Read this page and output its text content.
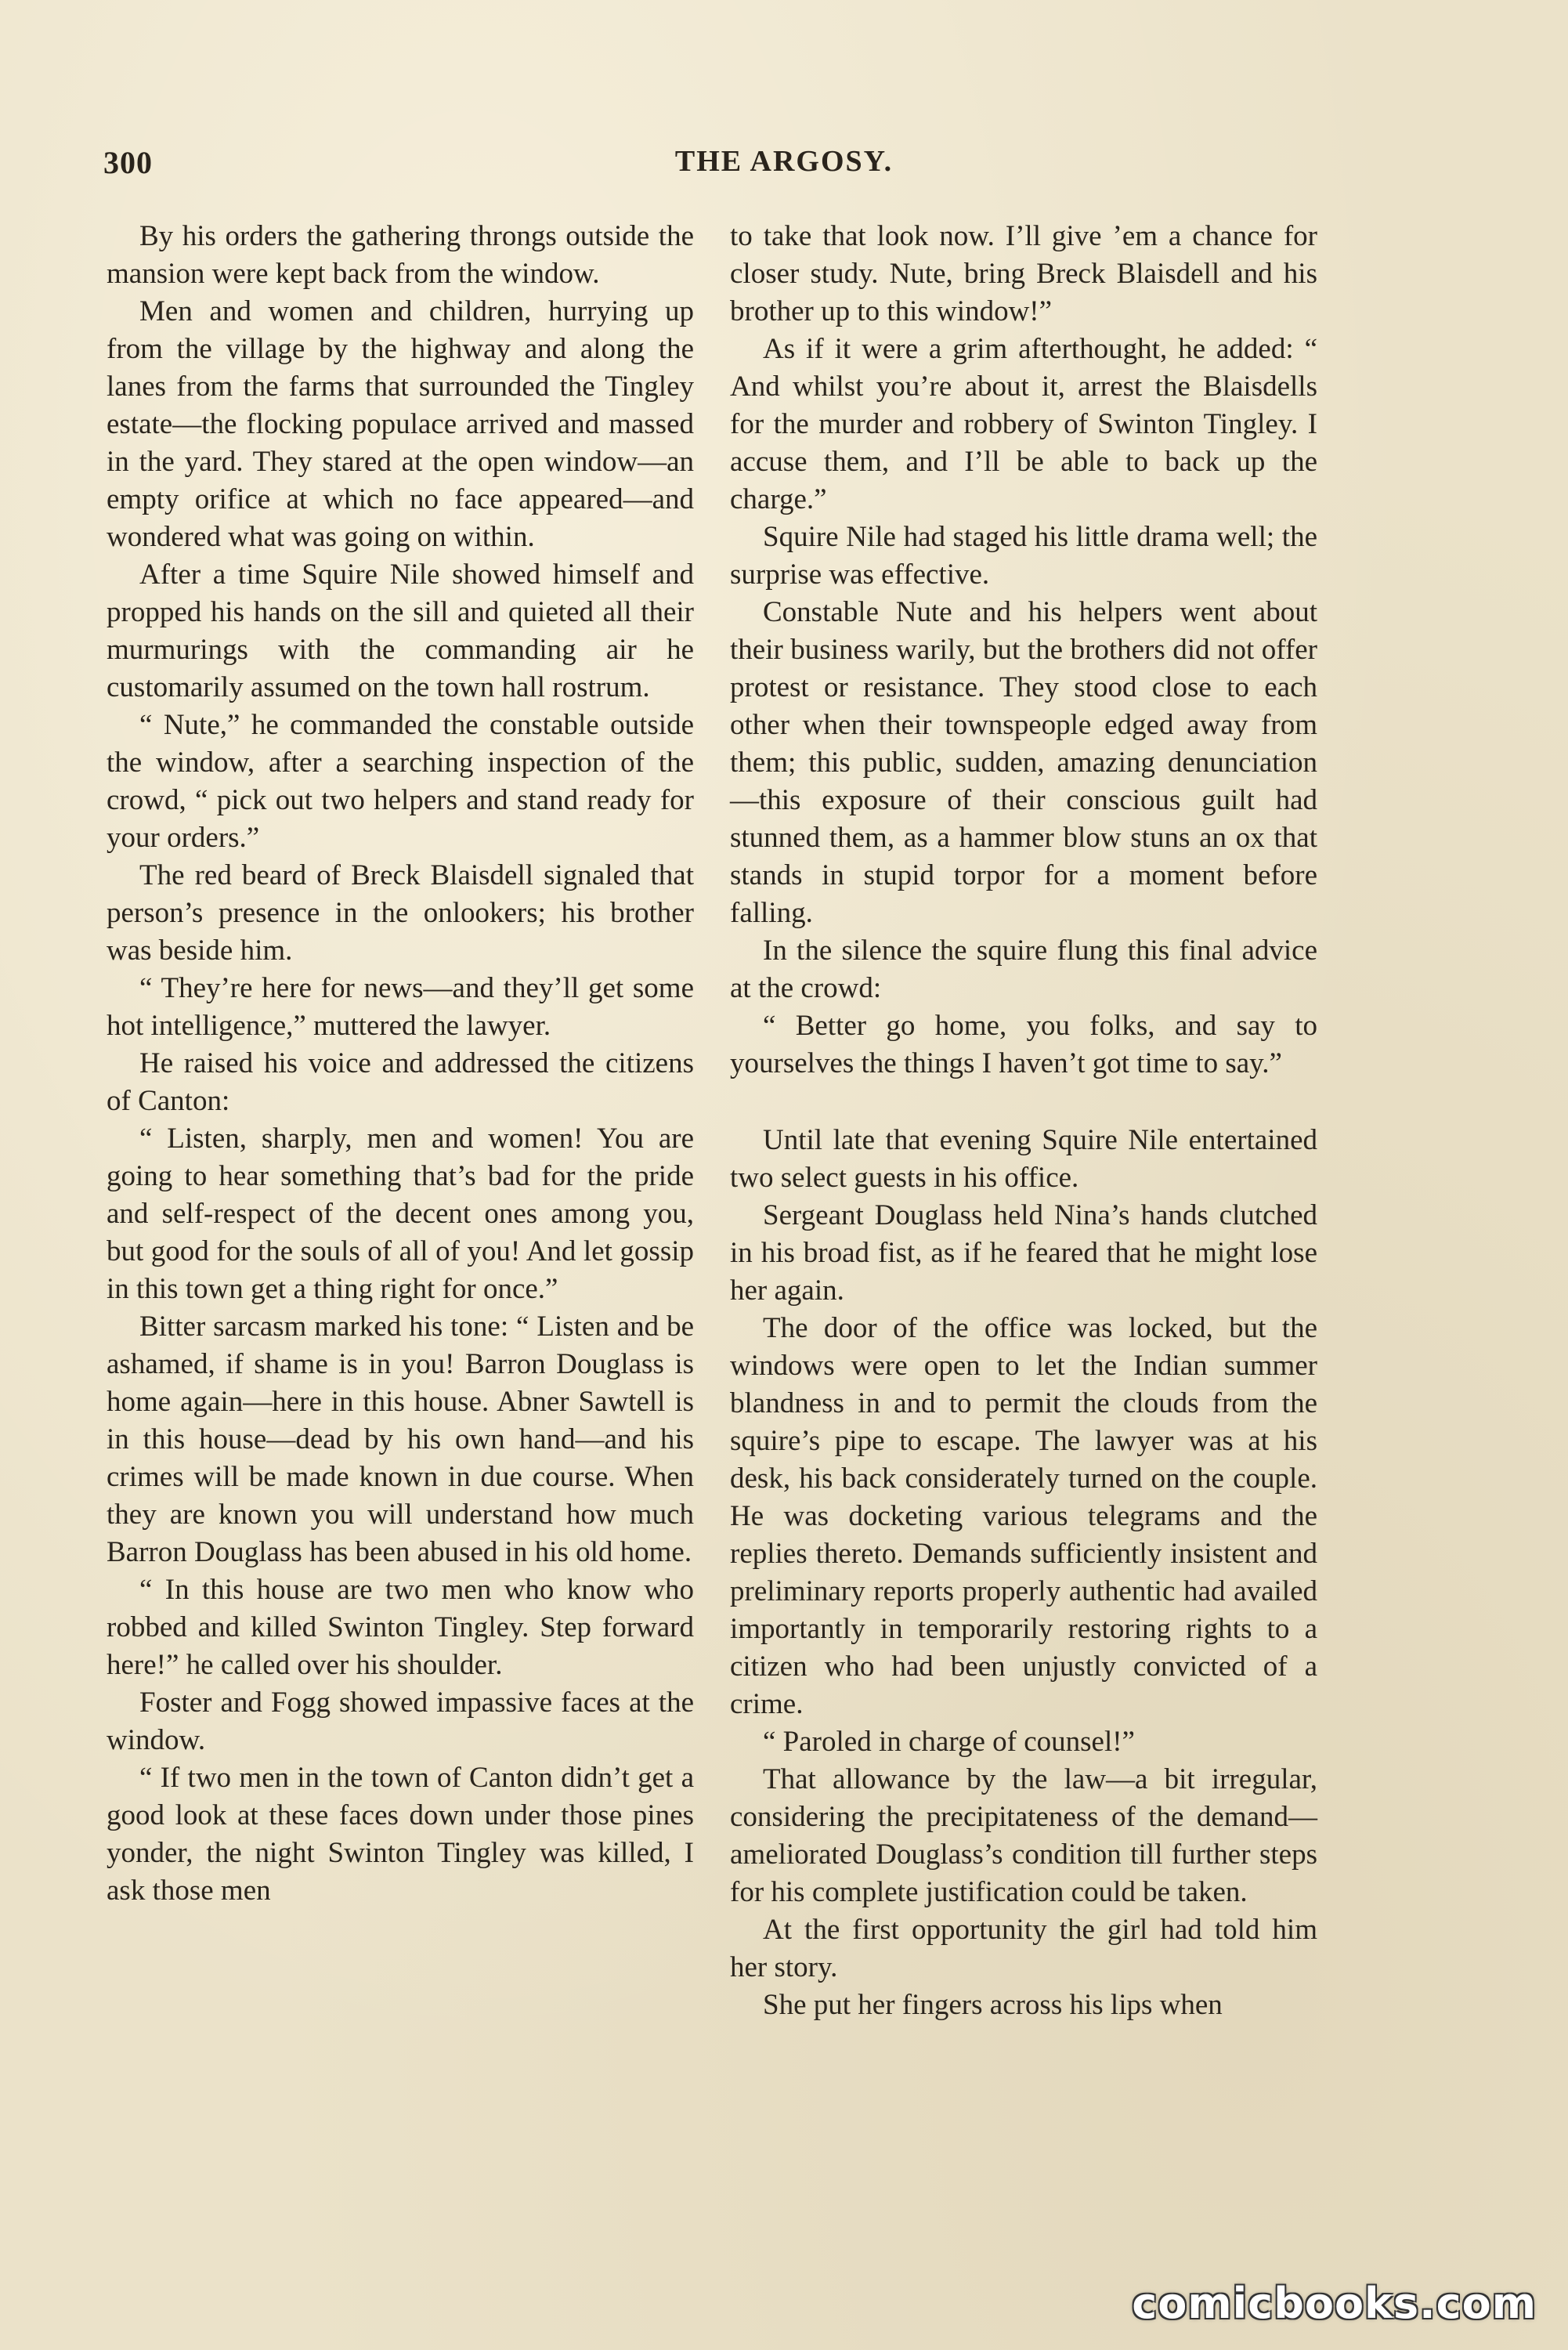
300	THE ARGOSY.

By his orders the gathering throngs outside the mansion were kept back from the window.

Men and women and children, hurrying up from the village by the highway and along the lanes from the farms that surrounded the Tingley estate—the flocking populace arrived and massed in the yard. They stared at the open window—an empty orifice at which no face appeared—and wondered what was going on within.

After a time Squire Nile showed himself and propped his hands on the sill and quieted all their murmurings with the commanding air he customarily assumed on the town hall rostrum.

“ Nute,” he commanded the constable outside the window, after a searching inspection of the crowd, “ pick out two helpers and stand ready for your orders.”

The red beard of Breck Blaisdell signaled that person’s presence in the onlookers; his brother was beside him.

“ They’re here for news—and they’ll get some hot intelligence,” muttered the lawyer.

He raised his voice and addressed the citizens of Canton:

“ Listen, sharply, men and women! You are going to hear something that’s bad for the pride and self-respect of the decent ones among you, but good for the souls of all of you! And let gossip in this town get a thing right for once.”

Bitter sarcasm marked his tone: “ Listen and be ashamed, if shame is in you! Barron Douglass is home again—here in this house. Abner Sawtell is in this house—dead by his own hand—and his crimes will be made known in due course. When they are known you will understand how much Barron Douglass has been abused in his old home.

“ In this house are two men who know who robbed and killed Swinton Tingley. Step forward here!” he called over his shoulder.

Foster and Fogg showed impassive faces at the window.

“ If two men in the town of Canton didn’t get a good look at these faces down under those pines yonder, the night Swinton Tingley was killed, I ask those men

to take that look now. I’ll give ’em a chance for closer study. Nute, bring Breck Blaisdell and his brother up to this window!”

As if it were a grim afterthought, he added: “ And whilst you’re about it, arrest the Blaisdells for the murder and robbery of Swinton Tingley. I accuse them, and I’ll be able to back up the charge.”

Squire Nile had staged his little drama well; the surprise was effective.

Constable Nute and his helpers went about their business warily, but the brothers did not offer protest or resistance. They stood close to each other when their townspeople edged away from them; this public, sudden, amazing denunciation—this exposure of their conscious guilt had stunned them, as a hammer blow stuns an ox that stands in stupid torpor for a moment before falling.

In the silence the squire flung this final advice at the crowd:

“ Better go home, you folks, and say to yourselves the things I haven’t got time to say.”

Until late that evening Squire Nile entertained two select guests in his office.

Sergeant Douglass held Nina’s hands clutched in his broad fist, as if he feared that he might lose her again.

The door of the office was locked, but the windows were open to let the Indian summer blandness in and to permit the clouds from the squire’s pipe to escape. The lawyer was at his desk, his back considerately turned on the couple. He was docketing various telegrams and the replies thereto. Demands sufficiently insistent and preliminary reports properly authentic had availed importantly in temporarily restoring rights to a citizen who had been unjustly convicted of a crime.

“ Paroled in charge of counsel!”

That allowance by the law—a bit irregular, considering the precipitateness of the demand—ameliorated Douglass’s condition till further steps for his complete justification could be taken.

At the first opportunity the girl had told him her story.

She put her fingers across his lips when

comicbooks.com
